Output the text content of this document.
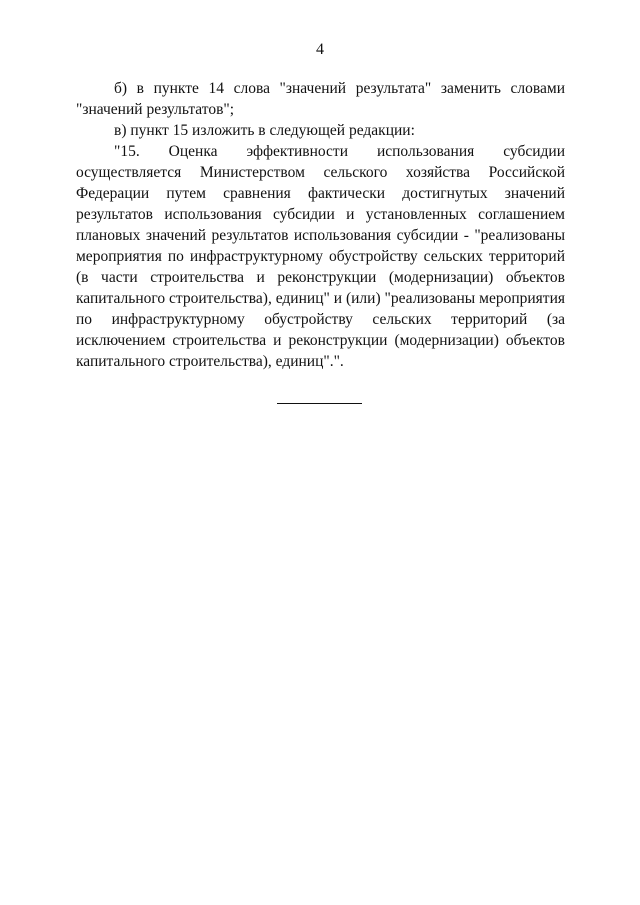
4

б) в пункте 14 слова "значений результата" заменить словами "значений результатов";

в) пункт 15 изложить в следующей редакции:

"15. Оценка эффективности использования субсидии осуществляется Министерством сельского хозяйства Российской Федерации путем сравнения фактически достигнутых значений результатов использования субсидии и установленных соглашением плановых значений результатов использования субсидии - "реализованы мероприятия по инфраструктурному обустройству сельских территорий (в части строительства и реконструкции (модернизации) объектов капитального строительства), единиц" и (или) "реализованы мероприятия по инфраструктурному обустройству сельских территорий (за исключением строительства и реконструкции (модернизации) объектов капитального строительства), единиц".".
